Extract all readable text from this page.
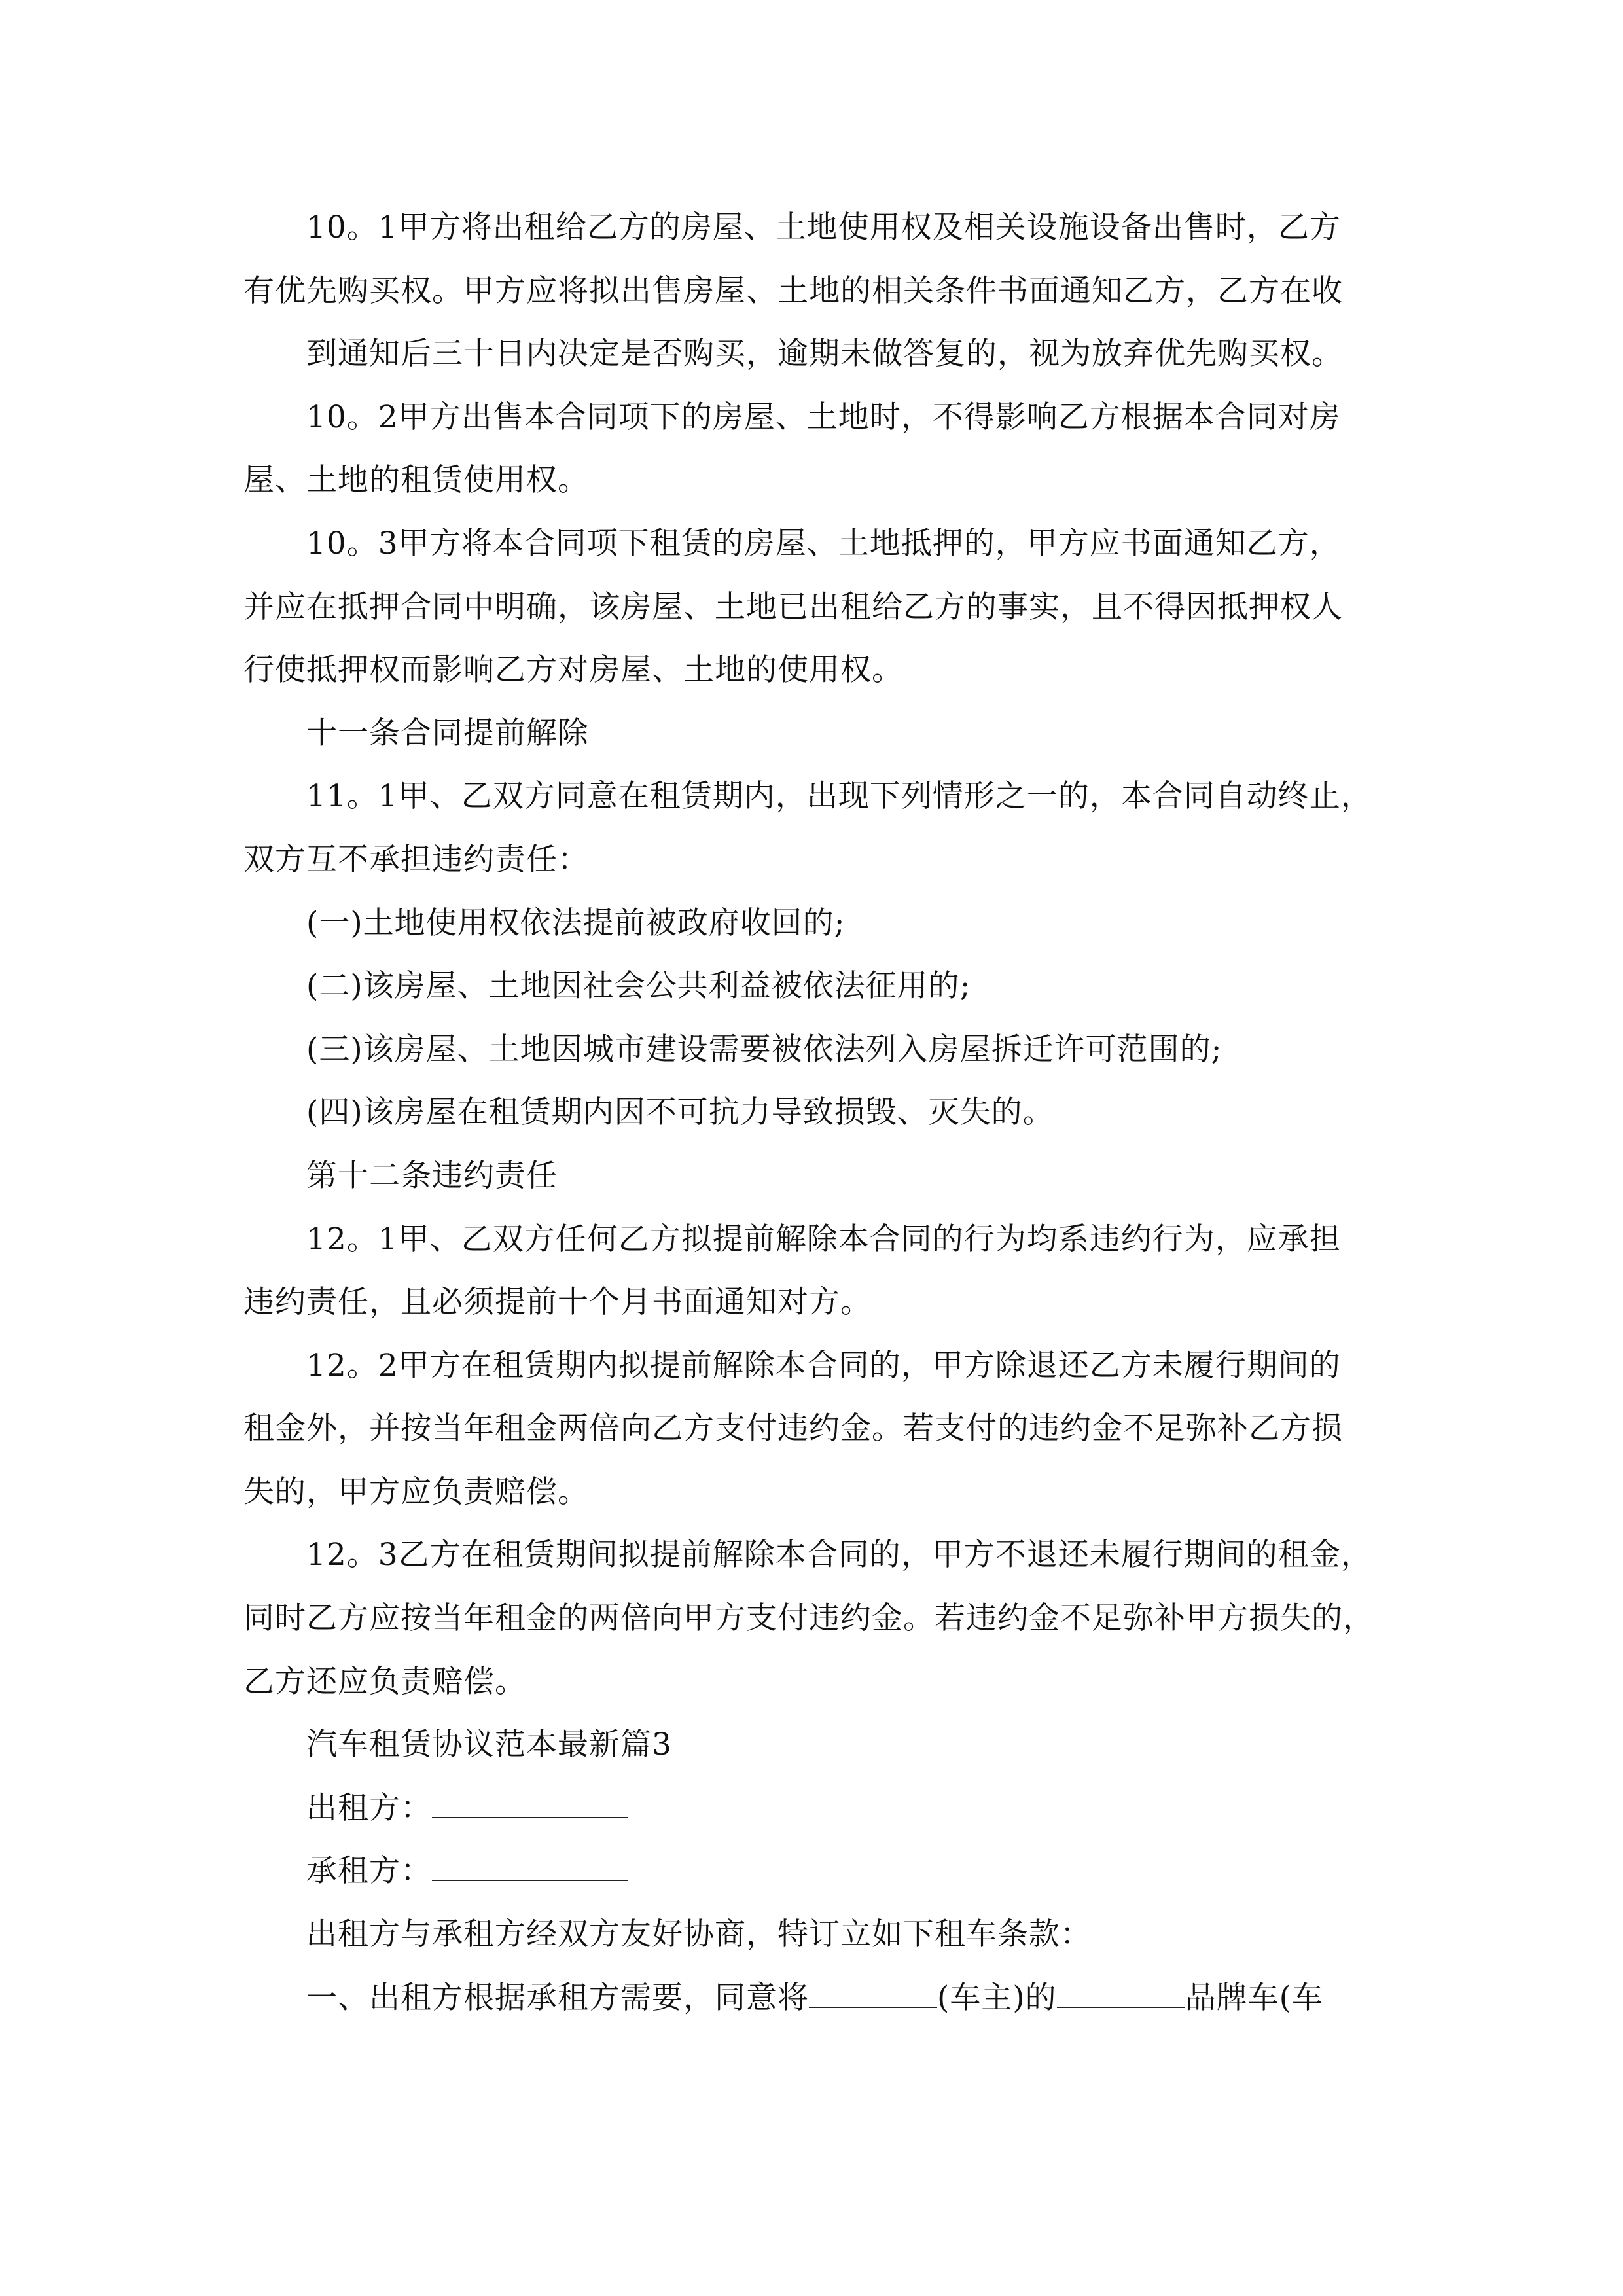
10。1甲方将出租给乙方的房屋、土地使用权及相关设施设备出售时，乙方
有优先购买权。甲方应将拟出售房屋、土地的相关条件书面通知乙方，乙方在收
到通知后三十日内决定是否购买，逾期未做答复的，视为放弃优先购买权。
10。2甲方出售本合同项下的房屋、土地时，不得影响乙方根据本合同对房
屋、土地的租赁使用权。
10。3甲方将本合同项下租赁的房屋、土地抵押的，甲方应书面通知乙方，
并应在抵押合同中明确，该房屋、土地已出租给乙方的事实，且不得因抵押权人
行使抵押权而影响乙方对房屋、土地的使用权。
十一条合同提前解除
11。1甲、乙双方同意在租赁期内，出现下列情形之一的，本合同自动终止，
双方互不承担违约责任：
(一)土地使用权依法提前被政府收回的;
(二)该房屋、土地因社会公共利益被依法征用的;
(三)该房屋、土地因城市建设需要被依法列入房屋拆迁许可范围的;
(四)该房屋在租赁期内因不可抗力导致损毁、灭失的。
第十二条违约责任
12。1甲、乙双方任何乙方拟提前解除本合同的行为均系违约行为，应承担
违约责任，且必须提前十个月书面通知对方。
12。2甲方在租赁期内拟提前解除本合同的，甲方除退还乙方未履行期间的
租金外，并按当年租金两倍向乙方支付违约金。若支付的违约金不足弥补乙方损
失的，甲方应负责赔偿。
12。3乙方在租赁期间拟提前解除本合同的，甲方不退还未履行期间的租金，
同时乙方应按当年租金的两倍向甲方支付违约金。若违约金不足弥补甲方损失的，
乙方还应负责赔偿。
汽车租赁协议范本最新篇3
出租方：
承租方：
出租方与承租方经双方友好协商，特订立如下租车条款：
一、出租方根据承租方需要，同意将	(车主)的	品牌车(车
